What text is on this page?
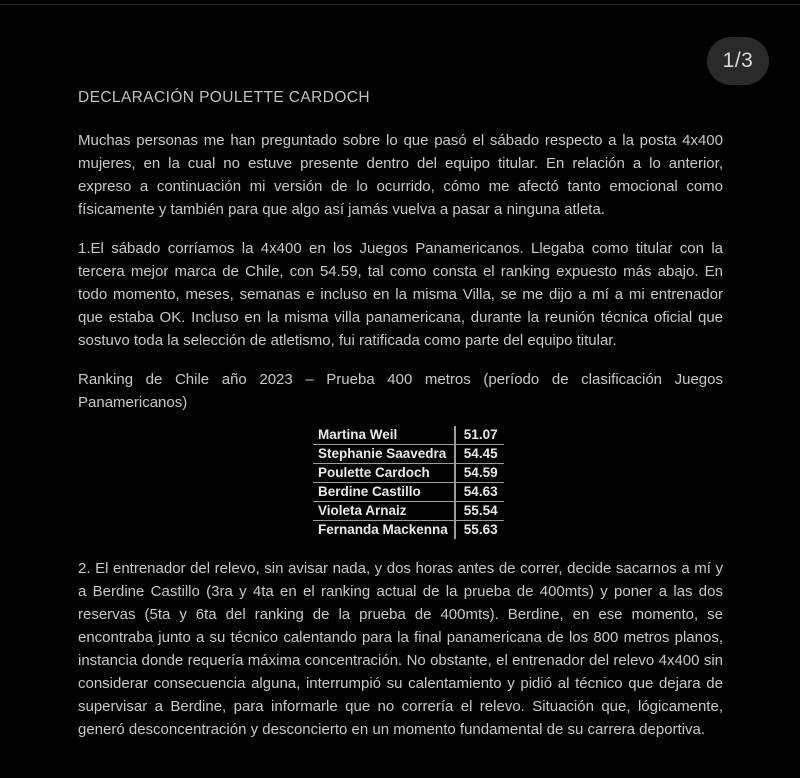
1/3
DECLARACIÓN POULETTE CARDOCH

Muchas personas me han preguntado sobre lo que pasó el sábado respecto a la posta 4x400 mujeres, en la cual no estuve presente dentro del equipo titular. En relación a lo anterior, expreso a continuación mi versión de lo ocurrido, cómo me afectó tanto emocional como físicamente y también para que algo así jamás vuelva a pasar a ninguna atleta.

1.El sábado corríamos la 4x400 en los Juegos Panamericanos. Llegaba como titular con la tercera mejor marca de Chile, con 54.59, tal como consta el ranking expuesto más abajo. En todo momento, meses, semanas e incluso en la misma Villa, se me dijo a mí a mi entrenador que estaba OK. Incluso en la misma villa panamericana, durante la reunión técnica oficial que sostuvo toda la selección de atletismo, fui ratificada como parte del equipo titular.

Ranking de Chile año 2023 – Prueba 400 metros (período de clasificación Juegos Panamericanos)

Martina Weil	51.07
Stephanie Saavedra	54.45
Poulette Cardoch	54.59
Berdine Castillo	54.63
Violeta Arnaiz	55.54
Fernanda Mackenna	55.63

2. El entrenador del relevo, sin avisar nada, y dos horas antes de correr, decide sacarnos a mí y a Berdine Castillo (3ra y 4ta en el ranking actual de la prueba de 400mts) y poner a las dos reservas (5ta y 6ta del ranking de la prueba de 400mts). Berdine, en ese momento, se encontraba junto a su técnico calentando para la final panamericana de los 800 metros planos, instancia donde requería máxima concentración. No obstante, el entrenador del relevo 4x400 sin considerar consecuencia alguna, interrumpió su calentamiento y pidió al técnico que dejara de supervisar a Berdine, para informarle que no correría el relevo. Situación que, lógicamente, generó desconcentración y desconcierto en un momento fundamental de su carrera deportiva.
